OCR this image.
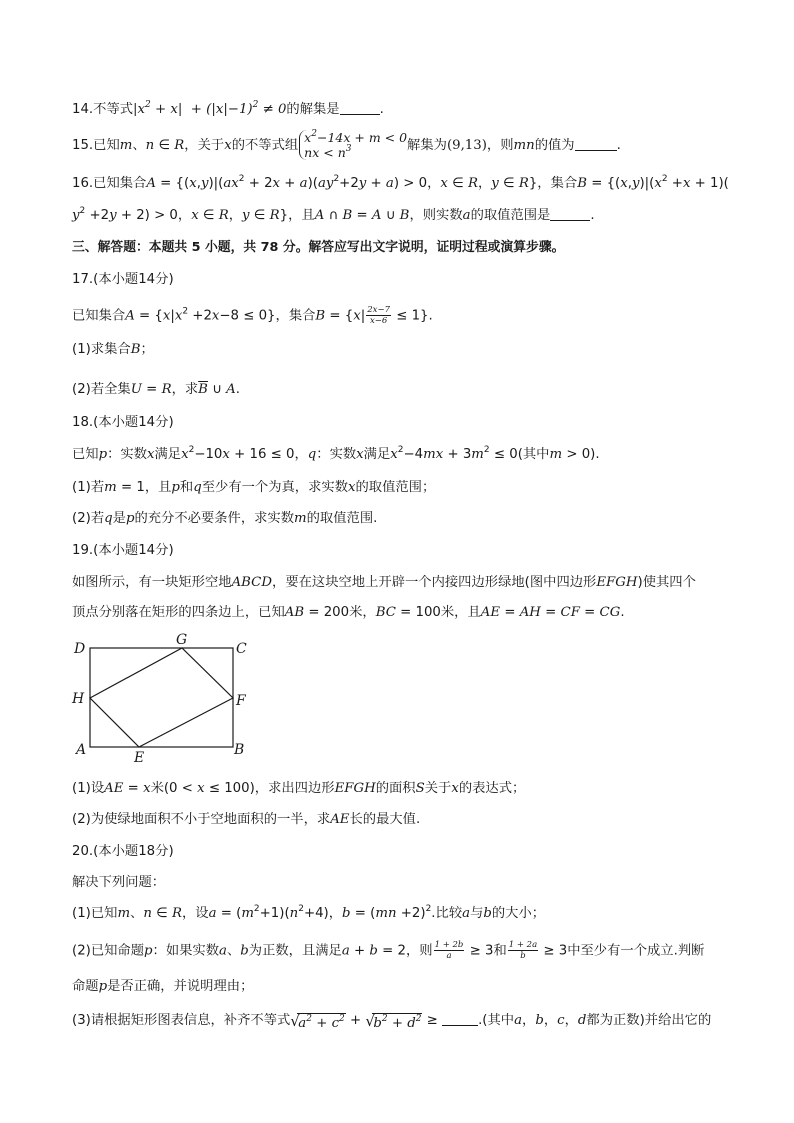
14.不等式$|x^2 + x| + (|x|-1)^2 \ne 0$的解集是	.
15.已知m、n ∈ R，关于x的不等式组
$x^2-14x + m < 0$
nx < $n^3$	解集为(9,13)，则mn的值为	.
16.已知集合$A = \{(x,y)|(ax^2 + 2x + a)(ay^2+2y + a) > 0$，x ∈ R，y ∈ R}，集合$B = \{(x,y)|(x^2 +x + 1)$(
$y^2 +2y + 2) > 0$，x ∈ R，y ∈ R}，且A ∩ B = A ∪ B，则实数a的取值范围是	.
三、解答题：本题共 5 小题，共 78 分。解答应写出文字说明，证明过程或演算步骤。
17.(本小题14分)
已知集合$A = \{x|x^2 +2x-8 \le 0\}$，集合$B = \{x| \frac{2x-7}{x-6} \le 1\}$.
(1)求集合B；
(2)若全集U = R，求$\overline{B}$ ∪ A.
18.(本小题14分)
已知p：实数x满足$x^2-10x + 16 \le 0$，q：实数x满足$x^2-4mx + 3m^2 \le 0$(其中m > 0).
(1)若m = 1，且p和q至少有一个为真，求实数x的取值范围；
(2)若q是p的充分不必要条件，求实数m的取值范围.
19.(本小题14分)
如图所示，有一块矩形空地ABCD，要在这块空地上开辟一个内接四边形绿地(图中四边形EFGH)使其四个
顶点分别落在矩形的四条边上，已知AB = 200米，BC = 100米，且AE = AH = CF = CG.
D	C
G
H	F
A	B
E
(1)设AE = x米(0 < x ≤ 100)，求出四边形EFGH的面积S关于x的表达式；
(2)为使绿地面积不小于空地面积的一半，求AE长的最大值.
20.(本小题18分)
解决下列问题：
(1)已知m、n ∈ R，设$a = (m^2+1)(n^2+4)$，b = (mn +2)$^2$.比较a与b的大小；
(2)已知命题p：如果实数a、b为正数，且满足a + b = 2，则 $\frac{1 + 2b}{a} \ge 3$和 $\frac{1 + 2a}{b} \ge 3$中至少有一个成立.判断
命题p是否正确，并说明理由；
(3)请根据矩形图表信息，补齐不等式 √
$a^2 + c^2$ + √
$b^2 + d^2$ ≥	.(其中a，b，c，d都为正数)并给出它的
